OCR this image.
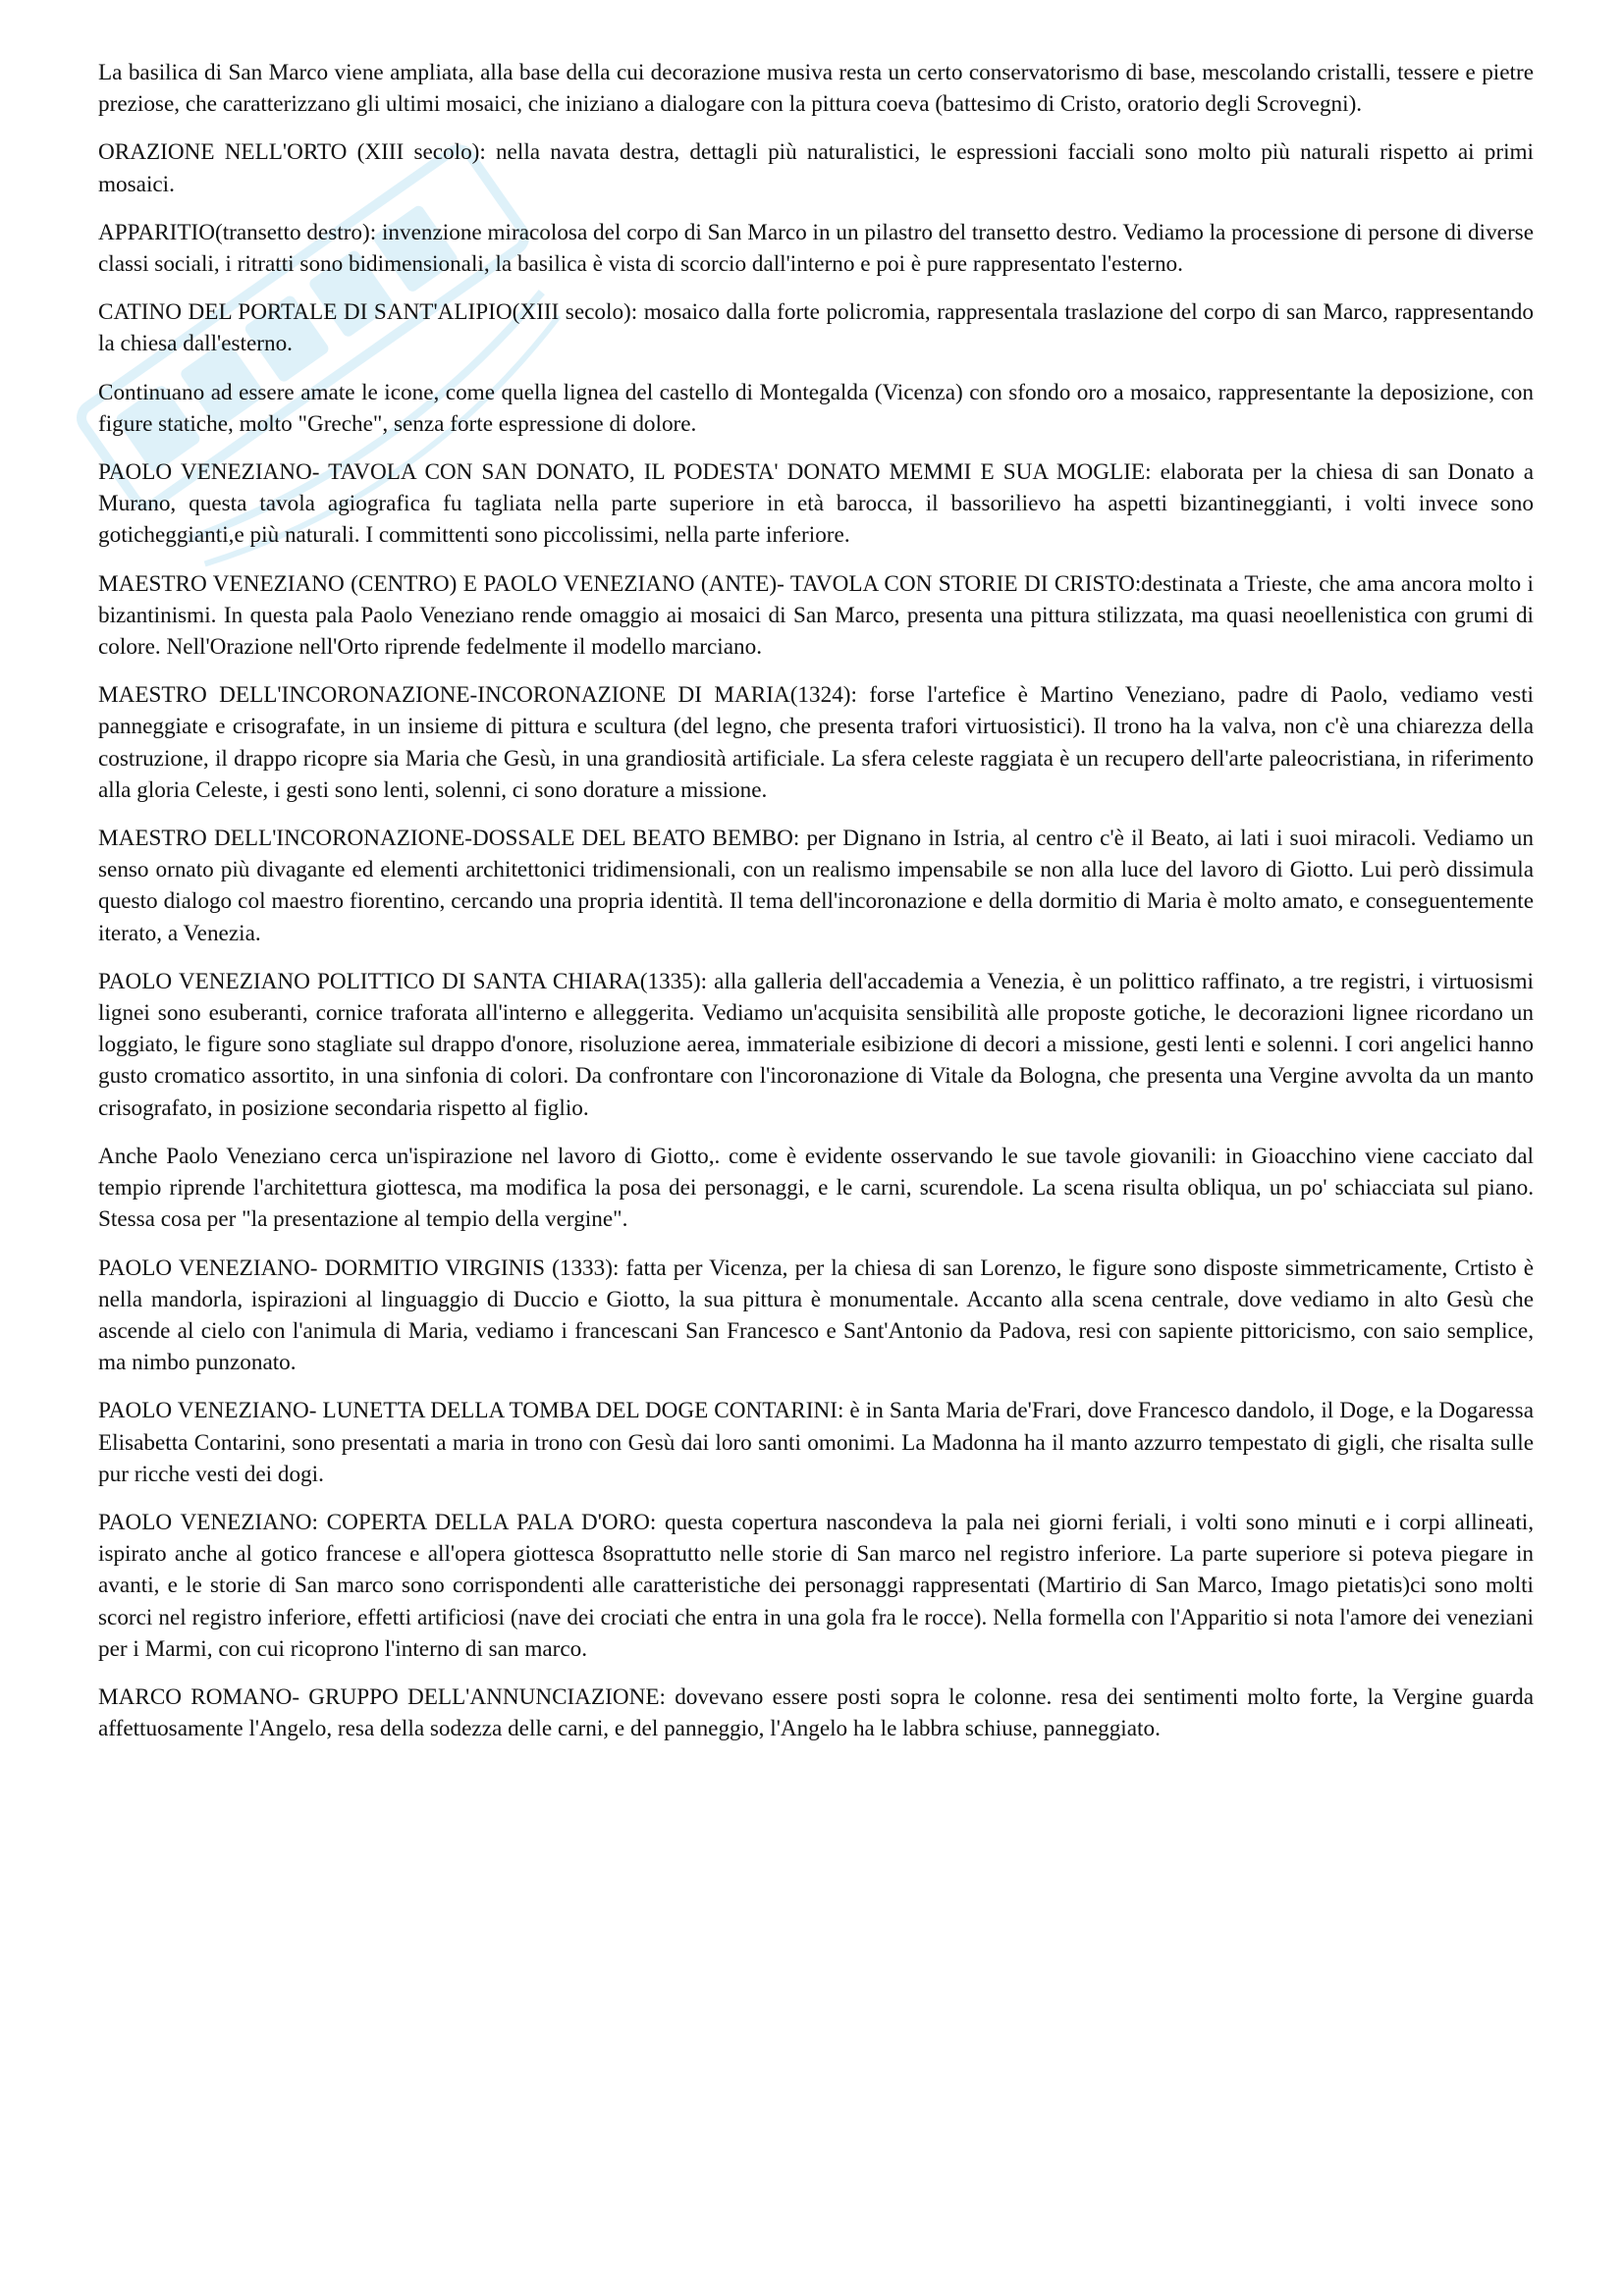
La basilica di San Marco viene ampliata, alla base della cui decorazione musiva resta un certo conservatorismo di base, mescolando cristalli, tessere e pietre preziose, che caratterizzano gli ultimi mosaici, che iniziano a dialogare con la pittura coeva (battesimo di Cristo, oratorio degli Scrovegni).

ORAZIONE NELL'ORTO (XIII secolo): nella navata destra, dettagli più naturalistici, le espressioni facciali sono molto più naturali rispetto ai primi mosaici.

APPARITIO(transetto destro): invenzione miracolosa del corpo di San Marco in un pilastro del transetto destro. Vediamo la processione di persone di diverse classi sociali, i ritratti sono bidimensionali, la basilica è vista di scorcio dall'interno e poi è pure rappresentato l'esterno.

CATINO DEL PORTALE DI SANT'ALIPIO(XIII secolo): mosaico dalla forte policromia, rappresentala traslazione del corpo di san Marco, rappresentando la chiesa dall'esterno.

Continuano ad essere amate le icone, come quella lignea del castello di Montegalda (Vicenza) con sfondo oro a mosaico, rappresentante la deposizione, con figure statiche, molto "Greche", senza forte espressione di dolore.

PAOLO VENEZIANO- TAVOLA CON SAN DONATO, IL PODESTA' DONATO MEMMI E SUA MOGLIE: elaborata per la chiesa di san Donato a Murano, questa tavola agiografica fu tagliata nella parte superiore in età barocca, il bassorilievo ha aspetti bizantineggianti, i volti invece sono goticheggianti,e più naturali. I committenti sono piccolissimi, nella parte inferiore.

MAESTRO VENEZIANO (CENTRO) E PAOLO VENEZIANO (ANTE)- TAVOLA CON STORIE DI CRISTO:destinata a Trieste, che ama ancora molto i bizantinismi. In questa pala Paolo Veneziano rende omaggio ai mosaici di San Marco, presenta una pittura stilizzata, ma quasi neoellenistica con grumi di colore. Nell'Orazione nell'Orto riprende fedelmente il modello marciano.

MAESTRO DELL'INCORONAZIONE-INCORONAZIONE DI MARIA(1324): forse l'artefice è Martino Veneziano, padre di Paolo, vediamo vesti panneggiate e crisografate, in un insieme di pittura e scultura (del legno, che presenta trafori virtuosistici). Il trono ha la valva, non c'è una chiarezza della costruzione, il drappo ricopre sia Maria che Gesù, in una grandiosità artificiale. La sfera celeste raggiata è un recupero dell'arte paleocristiana, in riferimento alla gloria Celeste, i gesti sono lenti, solenni, ci sono dorature a missione.

MAESTRO DELL'INCORONAZIONE-DOSSALE DEL BEATO BEMBO: per Dignano in Istria, al centro c'è il Beato, ai lati i suoi miracoli. Vediamo un senso ornato più divagante ed elementi architettonici tridimensionali, con un realismo impensabile se non alla luce del lavoro di Giotto. Lui però dissimula questo dialogo col maestro fiorentino, cercando una propria identità. Il tema dell'incoronazione e della dormitio di Maria è molto amato, e conseguentemente iterato, a Venezia.

PAOLO VENEZIANO POLITTICO DI SANTA CHIARA(1335): alla galleria dell'accademia a Venezia, è un polittico raffinato, a tre registri, i virtuosismi lignei sono esuberanti, cornice traforata all'interno e alleggerita. Vediamo un'acquisita sensibilità alle proposte gotiche, le decorazioni lignee ricordano un loggiato, le figure sono stagliate sul drappo d'onore, risoluzione aerea, immateriale esibizione di decori a missione, gesti lenti e solenni. I cori angelici hanno gusto cromatico assortito, in una sinfonia di colori. Da confrontare con l'incoronazione di Vitale da Bologna, che presenta una Vergine avvolta da un manto crisografato, in posizione secondaria rispetto al figlio.

Anche Paolo Veneziano cerca un'ispirazione nel lavoro di Giotto,. come è evidente osservando le sue tavole giovanili: in Gioacchino viene cacciato dal tempio riprende l'architettura giottesca, ma modifica la posa dei personaggi, e le carni, scurendole. La scena risulta obliqua, un po' schiacciata sul piano. Stessa cosa per "la presentazione al tempio della vergine".

PAOLO VENEZIANO- DORMITIO VIRGINIS (1333): fatta per Vicenza, per la chiesa di san Lorenzo, le figure sono disposte simmetricamente, Crtisto è nella mandorla, ispirazioni al linguaggio di Duccio e Giotto, la sua pittura è monumentale. Accanto alla scena centrale, dove vediamo in alto Gesù che ascende al cielo con l'animula di Maria, vediamo i francescani San Francesco e Sant'Antonio da Padova, resi con sapiente pittoricismo, con saio semplice, ma nimbo punzonato.

PAOLO VENEZIANO- LUNETTA DELLA TOMBA DEL DOGE CONTARINI: è in Santa Maria de'Frari, dove Francesco dandolo, il Doge, e la Dogaressa Elisabetta Contarini, sono presentati a maria in trono con Gesù dai loro santi omonimi. La Madonna ha il manto azzurro tempestato di gigli, che risalta sulle pur ricche vesti dei dogi.

PAOLO VENEZIANO: COPERTA DELLA PALA D'ORO: questa copertura nascondeva la pala nei giorni feriali, i volti sono minuti e i corpi allineati, ispirato anche al gotico francese e all'opera giottesca 8soprattutto nelle storie di San marco nel registro inferiore. La parte superiore si poteva piegare in avanti, e le storie di San marco sono corrispondenti alle caratteristiche dei personaggi rappresentati (Martirio di San Marco, Imago pietatis)ci sono molti scorci nel registro inferiore, effetti artificiosi (nave dei crociati che entra in una gola fra le rocce). Nella formella con l'Apparitio si nota l'amore dei veneziani per i Marmi, con cui ricoprono l'interno di san marco.

MARCO ROMANO- GRUPPO DELL'ANNUNCIAZIONE: dovevano essere posti sopra le colonne. resa dei sentimenti molto forte, la Vergine guarda affettuosamente l'Angelo, resa della sodezza delle carni, e del panneggio, l'Angelo ha le labbra schiuse, panneggiato.
